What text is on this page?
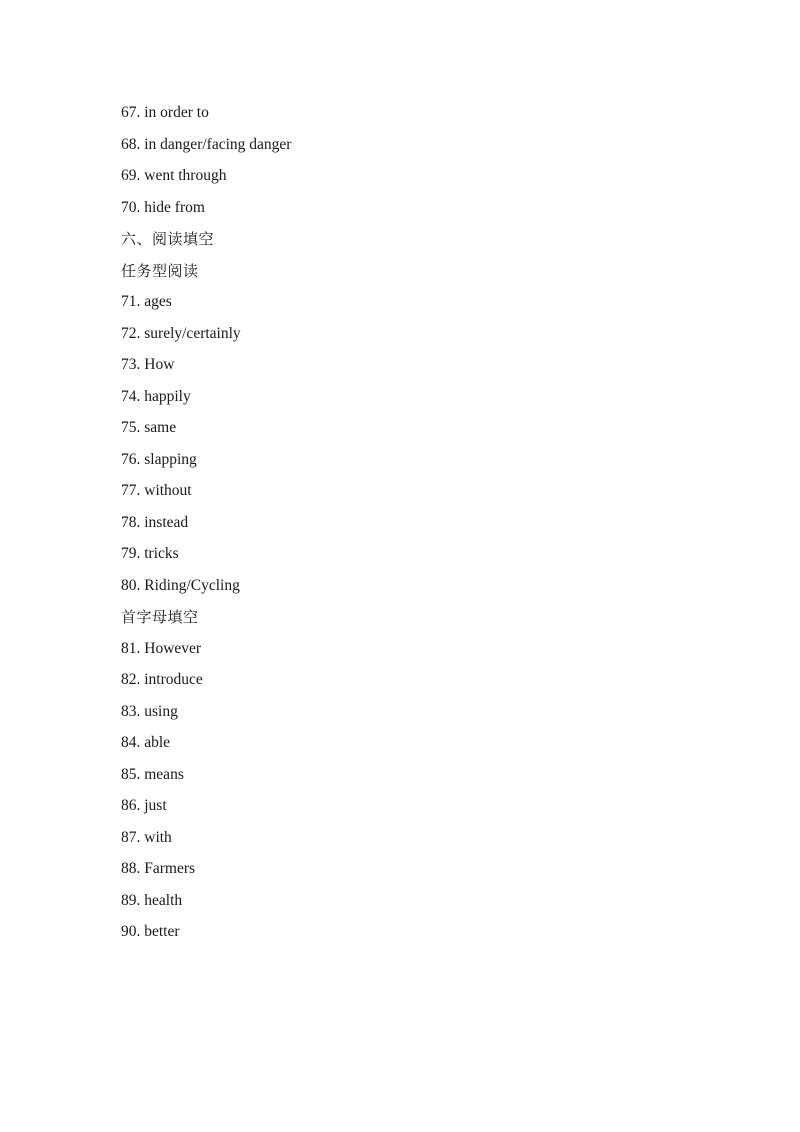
67. in order to
68. in danger/facing danger
69. went through
70. hide from
六、阅读填空
任务型阅读
71. ages
72. surely/certainly
73. How
74. happily
75. same
76. slapping
77. without
78. instead
79. tricks
80. Riding/Cycling
首字母填空
81. However
82. introduce
83. using
84. able
85. means
86. just
87. with
88. Farmers
89. health
90. better
